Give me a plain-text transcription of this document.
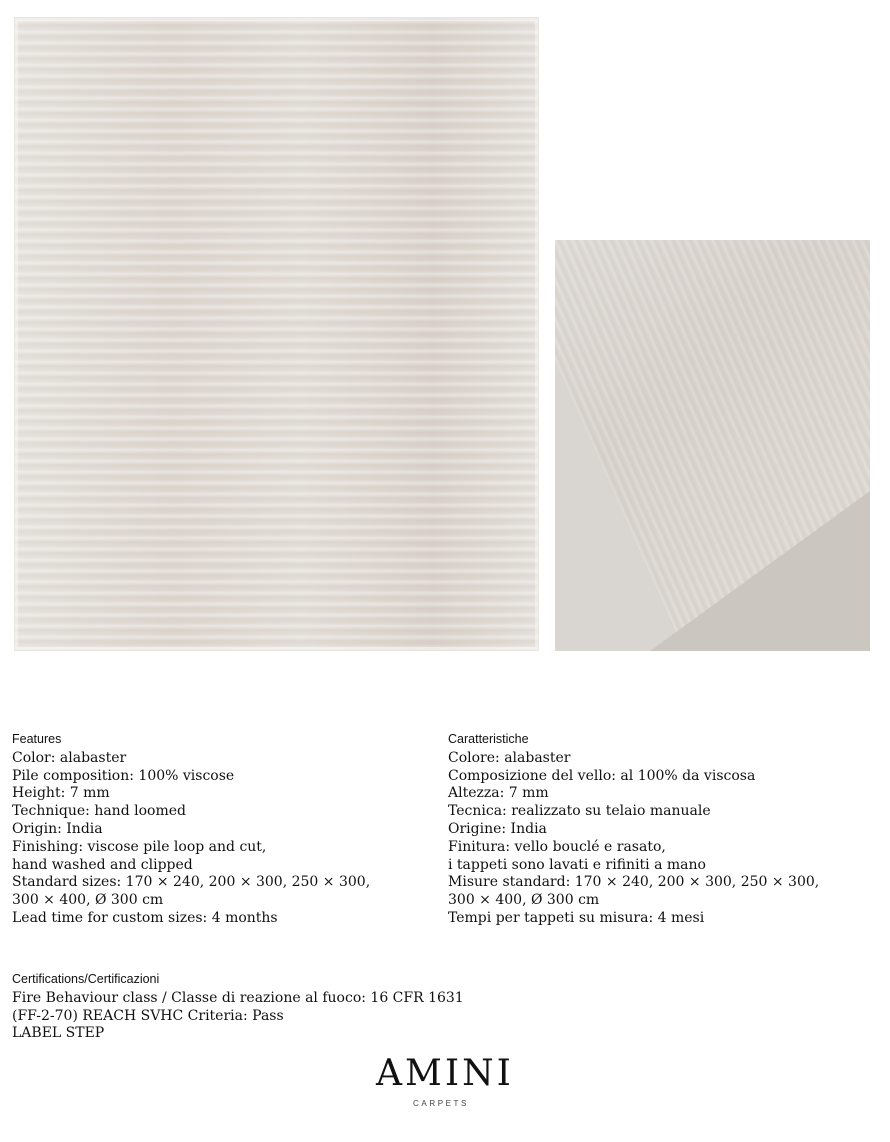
Features
Color: alabaster
Pile composition: 100% viscose
Height: 7 mm
Technique: hand loomed
Origin: India
Finishing: viscose pile loop and cut,
hand washed and clipped
Standard sizes: 170 × 240, 200 × 300, 250 × 300,
300 × 400, Ø 300 cm
Lead time for custom sizes: 4 months
Caratteristiche
Colore: alabaster
Composizione del vello: al 100% da viscosa
Altezza: 7 mm
Tecnica: realizzato su telaio manuale
Origine: India
Finitura: vello bouclé e rasato,
i tappeti sono lavati e rifiniti a mano
Misure standard: 170 × 240, 200 × 300, 250 × 300,
300 × 400, Ø 300 cm
Tempi per tappeti su misura: 4 mesi
Certifications/Certificazioni
Fire Behaviour class / Classe di reazione al fuoco: 16 CFR 1631
(FF-2-70) REACH SVHC Criteria: Pass
LABEL STEP
AMINI
CARPETS
